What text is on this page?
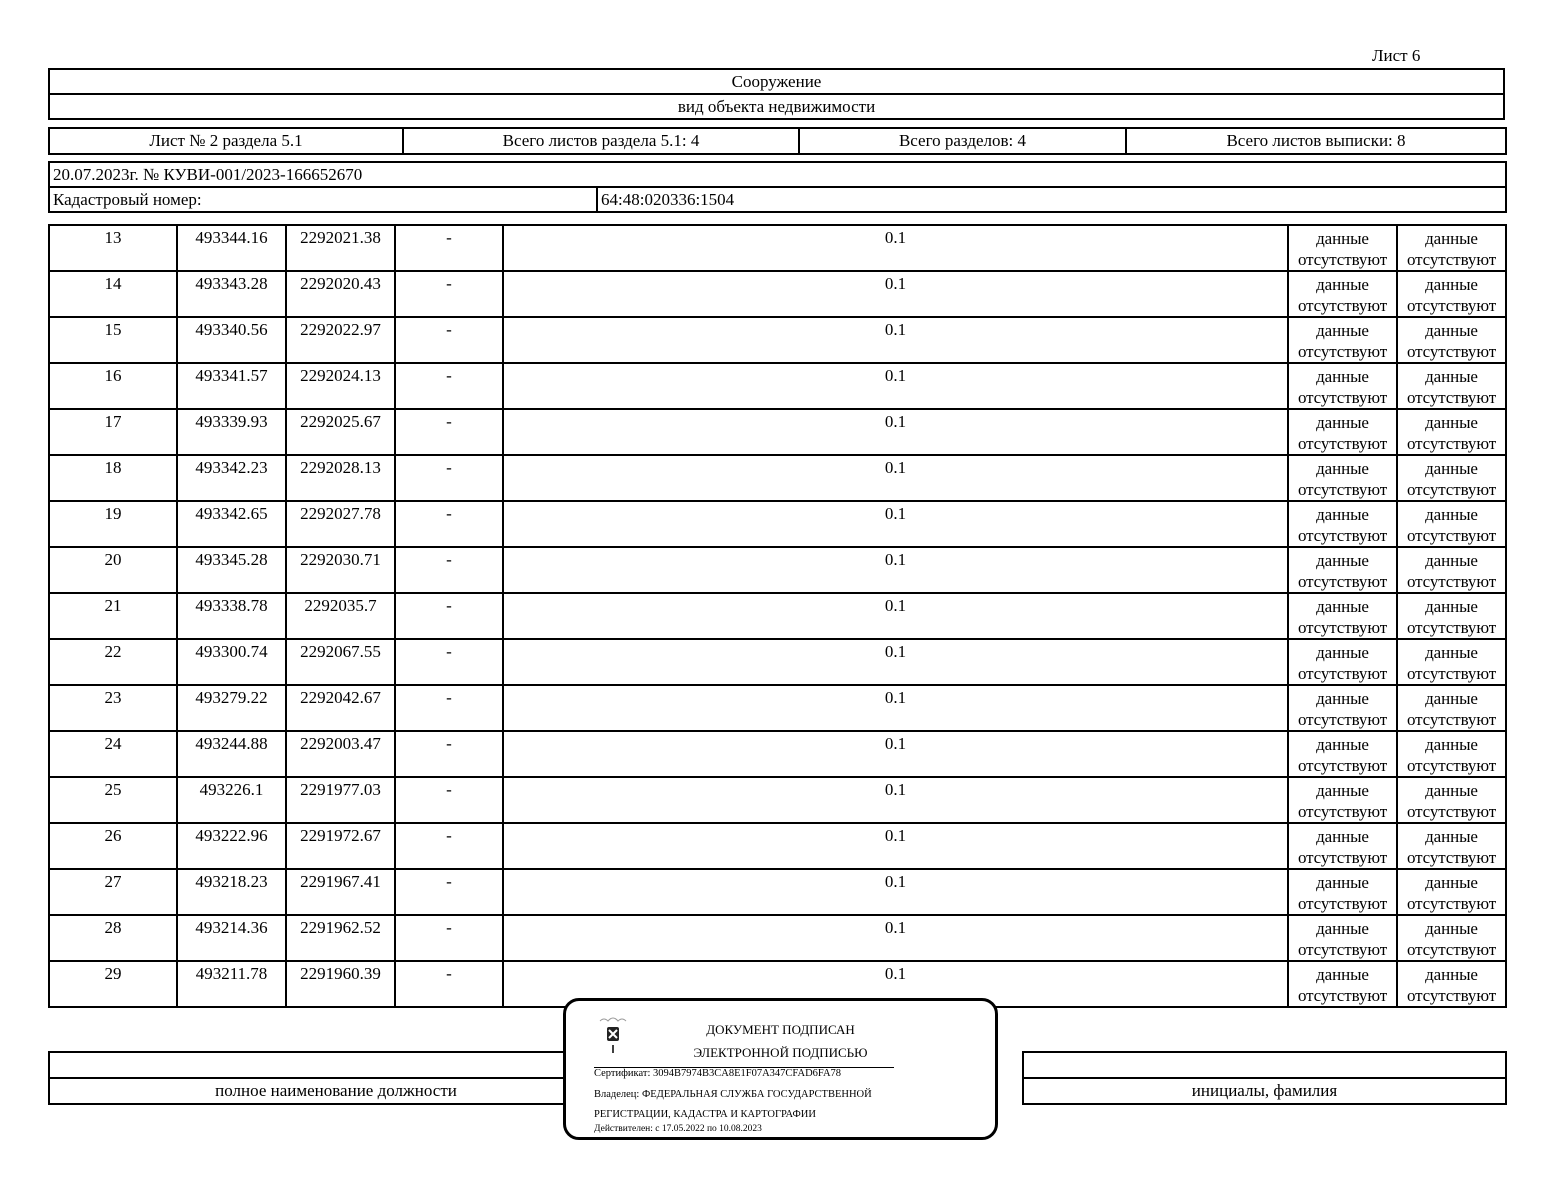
Лист 6
Сооружение
вид объекта недвижимости
Лист № 2 раздела 5.1	Всего листов раздела 5.1: 4	Всего разделов: 4	Всего листов выписки: 8
20.07.2023г. № КУВИ-001/2023-166652670
Кадастровый номер:	64:48:020336:1504
13	493344.16	2292021.38	-	0.1	данные отсутствуют	данные отсутствуют
14	493343.28	2292020.43	-	0.1	данные отсутствуют	данные отсутствуют
15	493340.56	2292022.97	-	0.1	данные отсутствуют	данные отсутствуют
16	493341.57	2292024.13	-	0.1	данные отсутствуют	данные отсутствуют
17	493339.93	2292025.67	-	0.1	данные отсутствуют	данные отсутствуют
18	493342.23	2292028.13	-	0.1	данные отсутствуют	данные отсутствуют
19	493342.65	2292027.78	-	0.1	данные отсутствуют	данные отсутствуют
20	493345.28	2292030.71	-	0.1	данные отсутствуют	данные отсутствуют
21	493338.78	2292035.7	-	0.1	данные отсутствуют	данные отсутствуют
22	493300.74	2292067.55	-	0.1	данные отсутствуют	данные отсутствуют
23	493279.22	2292042.67	-	0.1	данные отсутствуют	данные отсутствуют
24	493244.88	2292003.47	-	0.1	данные отсутствуют	данные отсутствуют
25	493226.1	2291977.03	-	0.1	данные отсутствуют	данные отсутствуют
26	493222.96	2291972.67	-	0.1	данные отсутствуют	данные отсутствуют
27	493218.23	2291967.41	-	0.1	данные отсутствуют	данные отсутствуют
28	493214.36	2291962.52	-	0.1	данные отсутствуют	данные отсутствуют
29	493211.78	2291960.39	-	0.1	данные отсутствуют	данные отсутствуют

полное наименование должности		инициалы, фамилия
ДОКУМЕНТ ПОДПИСАН
ЭЛЕКТРОННОЙ ПОДПИСЬЮ
Сертификат: 3094B7974B3CA8E1F07A347CFAD6FA78
Владелец: ФЕДЕРАЛЬНАЯ СЛУЖБА ГОСУДАРСТВЕННОЙ
РЕГИСТРАЦИИ, КАДАСТРА И КАРТОГРАФИИ
Действителен: с 17.05.2022 по 10.08.2023
